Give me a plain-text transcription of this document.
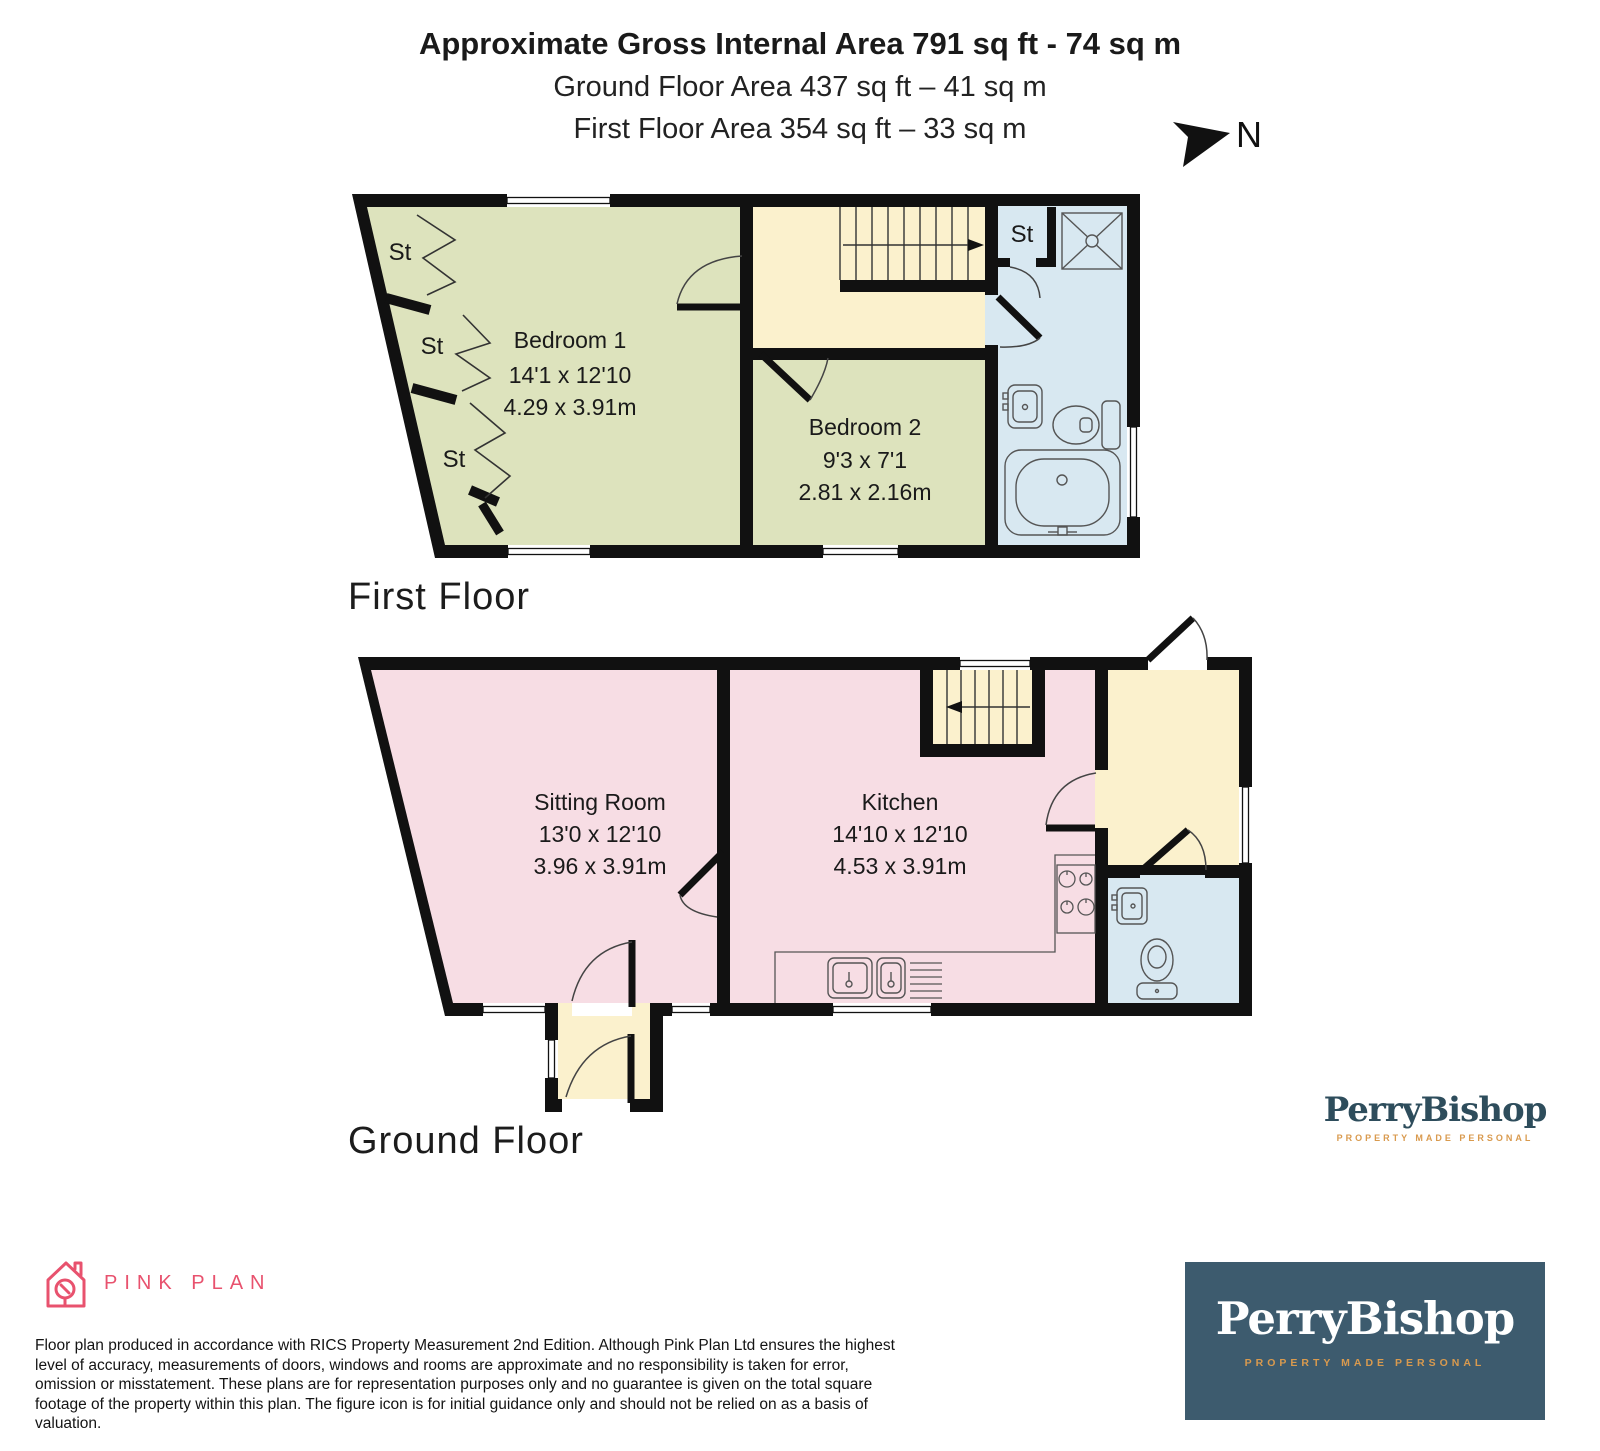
Approximate Gross Internal Area 791 sq ft - 74 sq m
Ground Floor Area 437 sq ft – 41 sq m
First Floor Area 354 sq ft – 33 sq m	N
Bedroom 1
14'1 x 12'10
4.29 x 3.91m
Bedroom 2
9'3 x 7'1
2.81 x 2.16m
St
St
St
St
First Floor
Sitting Room
13'0 x 12'10
3.96 x 3.91m
Kitchen
14'10 x 12'10
4.53 x 3.91m
Ground Floor
PerryBishop
PROPERTY MADE PERSONAL
PINK PLAN
Floor plan produced in accordance with RICS Property Measurement 2nd Edition. Although Pink Plan Ltd ensures the highest level of accuracy, measurements of doors, windows and rooms are approximate and no responsibility is taken for error, omission or misstatement. These plans are for representation purposes only and no guarantee is given on the total square footage of the property within this plan. The figure icon is for initial guidance only and should not be relied on as a basis of valuation.
PerryBishop
PROPERTY MADE PERSONAL
